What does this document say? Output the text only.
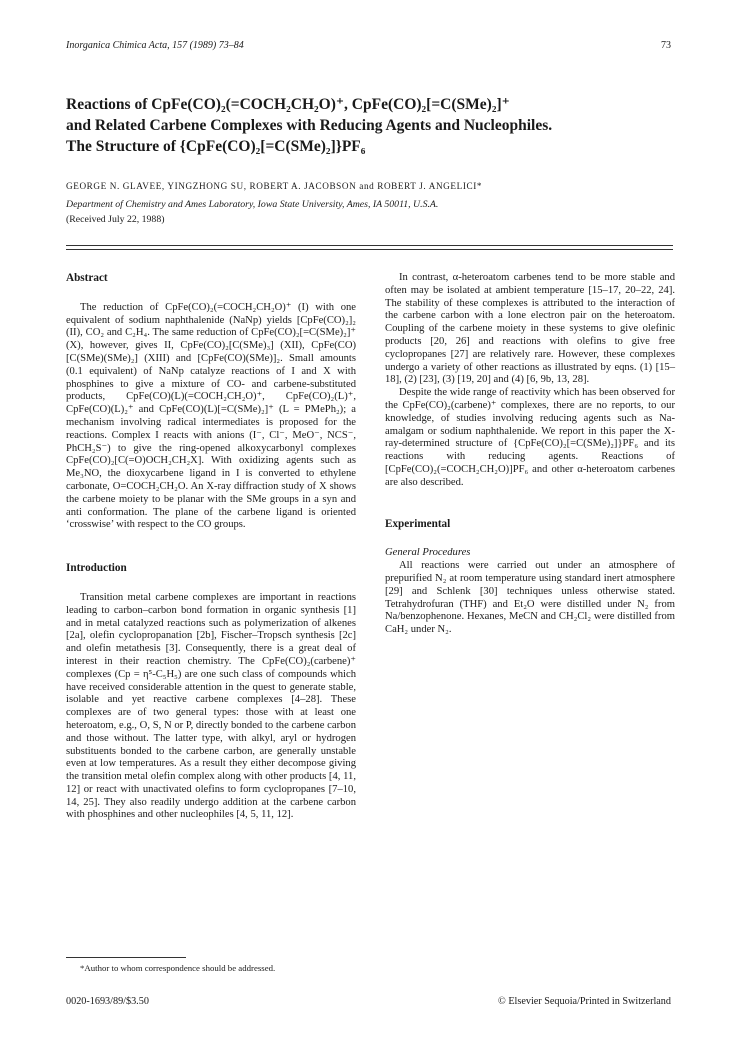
Inorganica Chimica Acta, 157 (1989) 73–84	73
Reactions of CpFe(CO)₂(=COCH₂CH₂O)⁺, CpFe(CO)₂[=C(SMe)₂]⁺
and Related Carbene Complexes with Reducing Agents and Nucleophiles.
The Structure of {CpFe(CO)₂[=C(SMe)₂]}PF₆
GEORGE N. GLAVEE, YINGZHONG SU, ROBERT A. JACOBSON and ROBERT J. ANGELICI*
Department of Chemistry and Ames Laboratory, Iowa State University, Ames, IA 50011, U.S.A.
(Received July 22, 1988)
Abstract

The reduction of CpFe(CO)₂(=COCH₂CH₂O)⁺ (I) with one equivalent of sodium naphthalenide (NaNp) yields [CpFe(CO)₂]₂ (II), CO₂ and C₂H₄. The same reduction of CpFe(CO)₂[=C(SMe)₂]⁺ (X), however, gives II, CpFe(CO)₂[C(SMe)₃] (XII), CpFe(CO)[C(SMe)(SMe)₂] (XIII) and [CpFe(CO)(SMe)]₂. Small amounts (0.1 equivalent) of NaNp catalyze reactions of I and X with phosphines to give a mixture of CO- and carbene-substituted products, CpFe(CO)(L)(=COCH₂CH₂O)⁺, CpFe(CO)₂(L)⁺, CpFe(CO)(L)₂⁺ and CpFe(CO)(L)[=C(SMe)₂]⁺ (L = PMePh₂); a mechanism involving radical intermediates is proposed for the reactions. Complex I reacts with anions (I⁻, Cl⁻, MeO⁻, NCS⁻, PhCH₂S⁻) to give the ring-opened alkoxycarbonyl complexes CpFe(CO)₂[C(=O)OCH₂CH₂X]. With oxidizing agents such as Me₃NO, the dioxycarbene ligand in I is converted to ethylene carbonate, O=COCH₂CH₂O. An X-ray diffraction study of X shows the carbene moiety to be planar with the SMe groups in a syn and anti conformation. The plane of the carbene ligand is oriented ‘crosswise’ with respect to the CO groups.

Introduction

Transition metal carbene complexes are important in reactions leading to carbon–carbon bond formation in organic synthesis [1] and in metal catalyzed reactions such as polymerization of alkenes [2a], olefin cyclopropanation [2b], Fischer–Tropsch synthesis [2c] and olefin metathesis [3]. Consequently, there is a great deal of interest in their reaction chemistry. The CpFe(CO)₂(carbene)⁺ complexes (Cp = η⁵-C₅H₅) are one such class of compounds which have received considerable attention in the quest to generate stable, isolable and yet reactive carbene complexes [4–28]. These complexes are of two general types: those with at least one heteroatom, e.g., O, S, N or P, directly bonded to the carbene carbon and those without. The latter type, with alkyl, aryl or hydrogen substituents bonded to the carbene carbon, are generally unstable even at low temperatures. As a result they either decompose giving the transition metal olefin complex along with other products [4, 11, 12] or react with unactivated olefins to form cyclopropanes [7–10, 14, 25]. They also readily undergo addition at the carbene carbon with phosphines and other nucleophiles [4, 5, 11, 12].

In contrast, α-heteroatom carbenes tend to be more stable and often may be isolated at ambient temperature [15–17, 20–22, 24]. The stability of these complexes is attributed to the interaction of the carbene carbon with a lone electron pair on the heteroatom. Coupling of the carbene moiety in these systems to give olefinic products [20, 26] and reactions with olefins to give free cyclopropanes [27] are relatively rare. However, these complexes undergo a variety of other reactions as illustrated by eqns. (1) [15–18], (2) [23], (3) [19, 20] and (4) [6, 9b, 13, 28].

Despite the wide range of reactivity which has been observed for the CpFe(CO)₂(carbene)⁺ complexes, there are no reports, to our knowledge, of studies involving reducing agents such as Na-amalgam or sodium naphthalenide. We report in this paper the X-ray-determined structure of {CpFe(CO)₂[=C(SMe)₂]}PF₆ and its reactions with reducing agents. Reactions of [CpFe(CO)₂(=COCH₂CH₂O)]PF₆ and other α-heteroatom carbenes are also described.

Experimental

General Procedures

All reactions were carried out under an atmosphere of prepurified N₂ at room temperature using standard inert atmosphere [29] and Schlenk [30] techniques unless otherwise stated. Tetrahydrofuran (THF) and Et₂O were distilled under N₂ from Na/benzophenone. Hexanes, MeCN and CH₂Cl₂ were distilled from CaH₂ under N₂.

*Author to whom correspondence should be addressed.
0020-1693/89/$3.50	© Elsevier Sequoia/Printed in Switzerland
